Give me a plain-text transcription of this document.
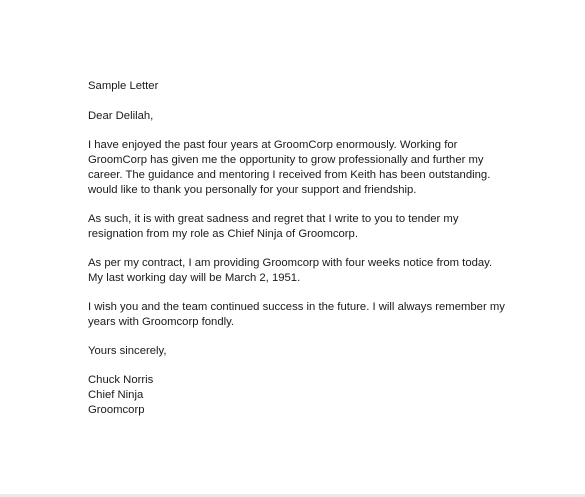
Sample Letter

Dear Delilah,

I have enjoyed the past four years at GroomCorp enormously. Working for
GroomCorp has given me the opportunity to grow professionally and further my
career. The guidance and mentoring I received from Keith has been outstanding.
would like to thank you personally for your support and friendship.

As such, it is with great sadness and regret that I write to you to tender my
resignation from my role as Chief Ninja of Groomcorp.

As per my contract, I am providing Groomcorp with four weeks notice from today.
My last working day will be March 2, 1951.

I wish you and the team continued success in the future. I will always remember my
years with Groomcorp fondly.

Yours sincerely,

Chuck Norris
Chief Ninja
Groomcorp
